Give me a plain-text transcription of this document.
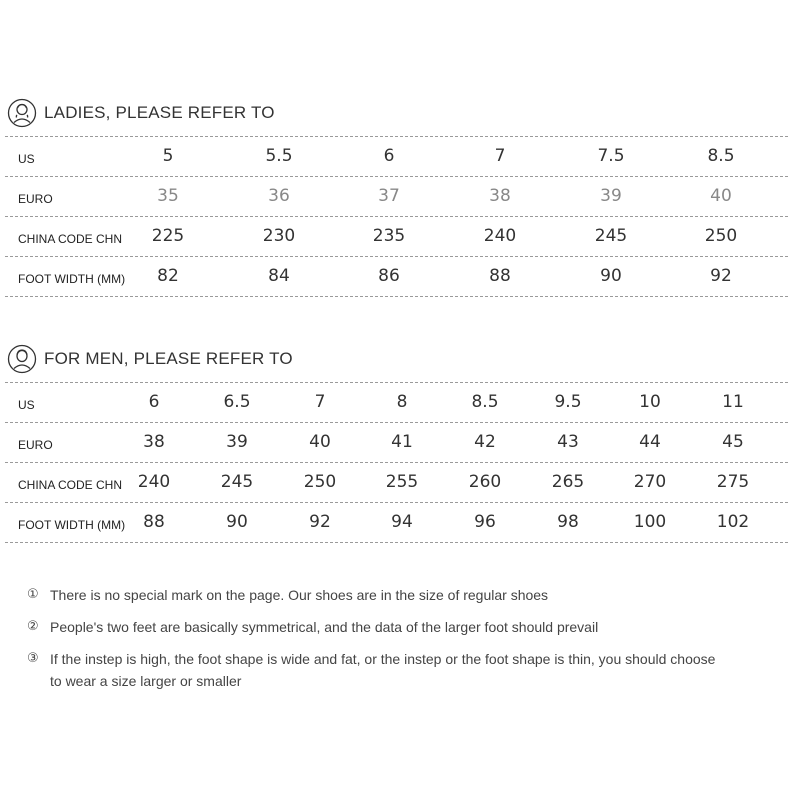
LADIES, PLEASE REFER TO
US	5	5.5	6	7	7.5	8.5
EURO	35	36	37	38	39	40
CHINA CODE CHN	225	230	235	240	245	250
FOOT WIDTH (MM)	82	84	86	88	90	92
FOR MEN, PLEASE REFER TO
US	6	6.5	7	8	8.5	9.5	10	11
EURO	38	39	40	41	42	43	44	45
CHINA CODE CHN 240	245	250	255	260	265	270	275
FOOT WIDTH (MM)	88	90	92	94	96	98	100	102
① There is no special mark on the page. Our shoes are in the size of regular shoes
② People's two feet are basically symmetrical, and the data of the larger foot should prevail
③ If the instep is high, the foot shape is wide and fat, or the instep or the foot shape is thin, you should choose to wear a size larger or smaller
